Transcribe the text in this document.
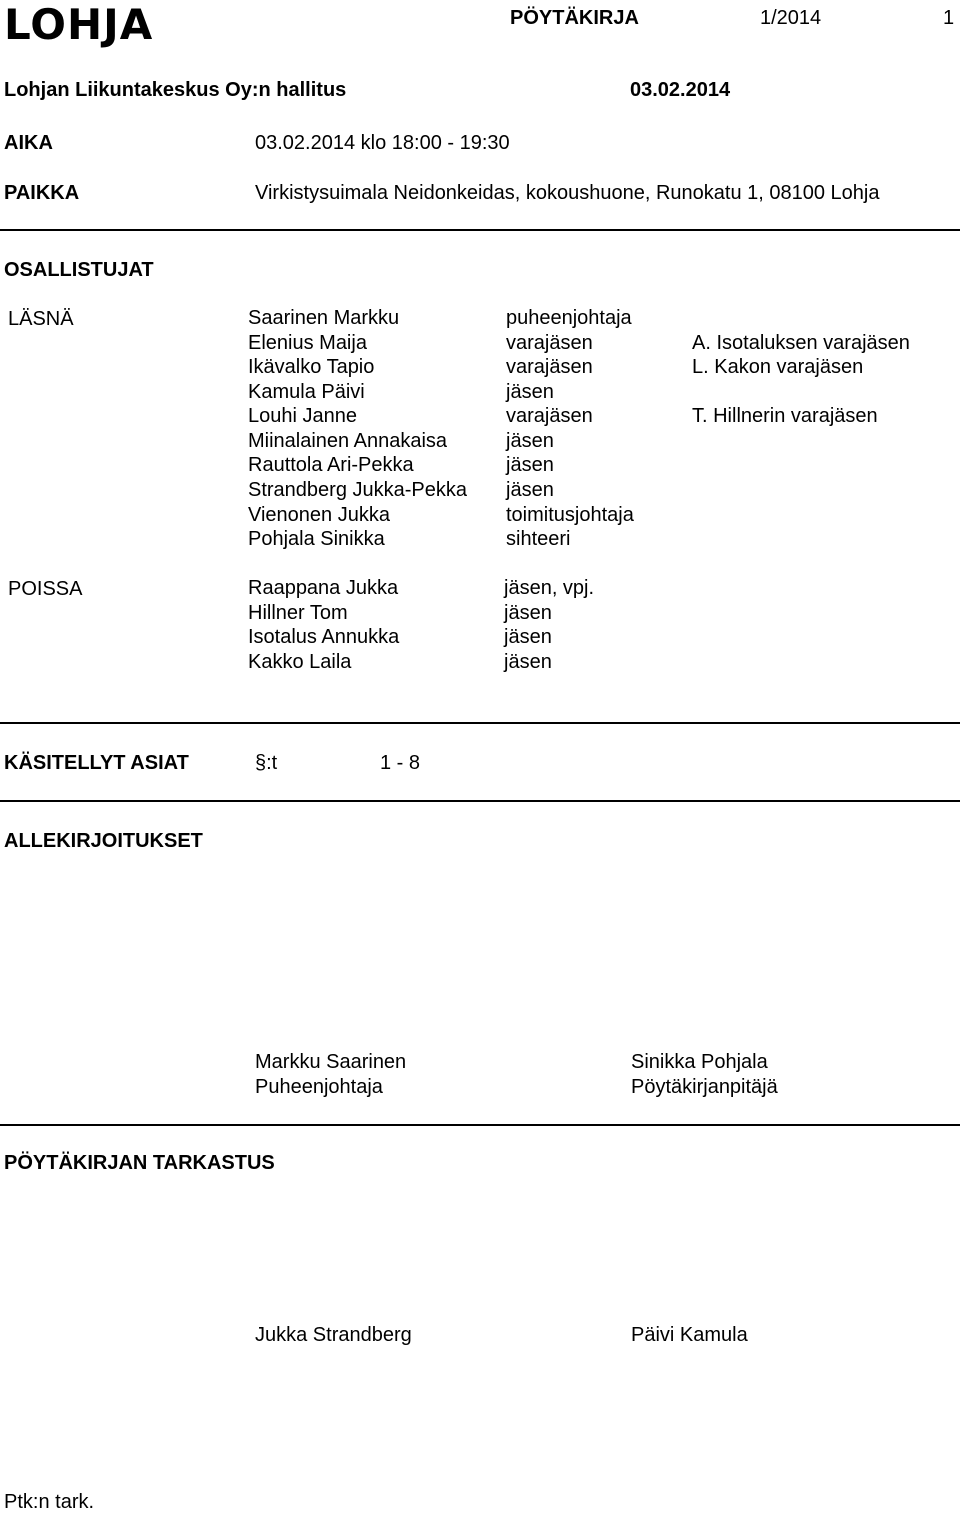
LOHJA	PÖYTÄKIRJA	1/2014	1
Lohjan Liikuntakeskus Oy:n hallitus	03.02.2014
AIKA	03.02.2014 klo 18:00 - 19:30
PAIKKA	Virkistysuimala Neidonkeidas, kokoushuone, Runokatu 1, 08100 Lohja
OSALLISTUJAT
LÄSNÄ	Saarinen Markku	puheenjohtaja
Elenius Maija	varajäsen	A. Isotaluksen varajäsen
Ikävalko Tapio	varajäsen	L. Kakon varajäsen
Kamula Päivi	jäsen
Louhi Janne	varajäsen	T. Hillnerin varajäsen
Miinalainen Annakaisa	jäsen
Rauttola Ari-Pekka	jäsen
Strandberg Jukka-Pekka jäsen
Vienonen Jukka	toimitusjohtaja
Pohjala Sinikka	sihteeri
POISSA	Raappana Jukka	jäsen, vpj.
Hillner Tom	jäsen
Isotalus Annukka	jäsen
Kakko Laila	jäsen
KÄSITELLYT ASIAT	§:t	1 - 8
ALLEKIRJOITUKSET
Markku Saarinen
Puheenjohtaja
Sinikka Pohjala
Pöytäkirjanpitäjä
PÖYTÄKIRJAN TARKASTUS
Jukka Strandberg	Päivi Kamula
Ptk:n tark.
